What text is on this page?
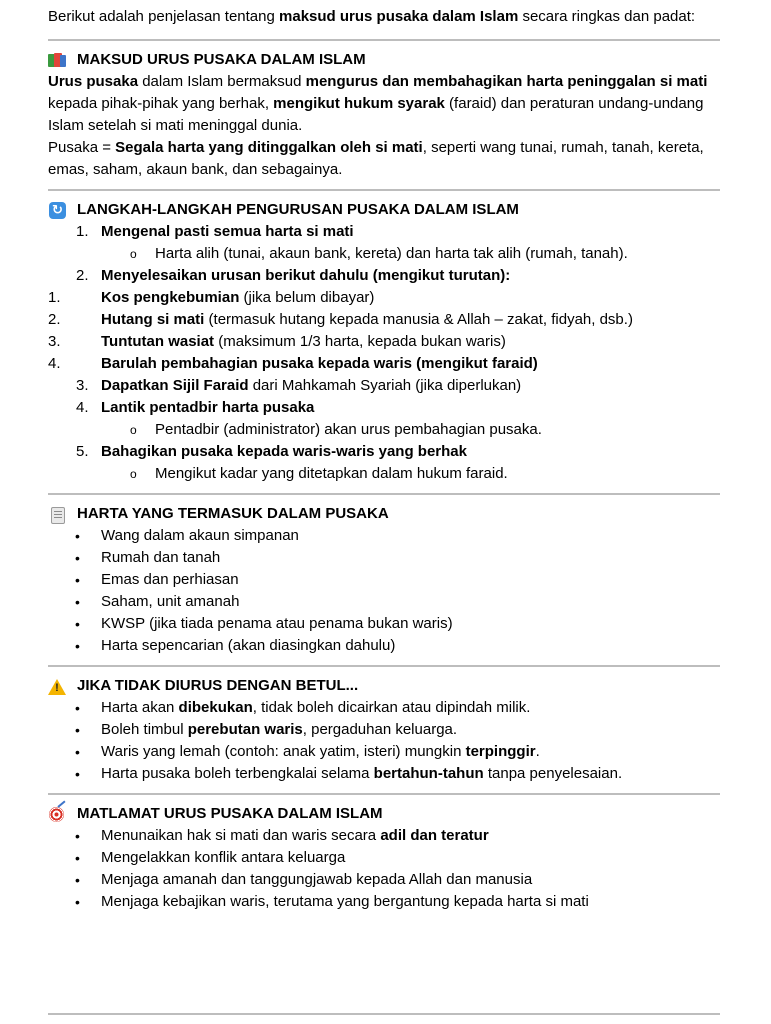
Berikut adalah penjelasan tentang maksud urus pusaka dalam Islam secara ringkas dan padat:

MAKSUD URUS PUSAKA DALAM ISLAM

Urus pusaka dalam Islam bermaksud mengurus dan membahagikan harta peninggalan si mati kepada pihak-pihak yang berhak, mengikut hukum syarak (faraid) dan peraturan undang-undang Islam setelah si mati meninggal dunia.

Pusaka = Segala harta yang ditinggalkan oleh si mati, seperti wang tunai, rumah, tanah, kereta, emas, saham, akaun bank, dan sebagainya.

↻ LANGKAH-LANGKAH PENGURUSAN PUSAKA DALAM ISLAM
1. Mengenal pasti semua harta si mati
o Harta alih (tunai, akaun bank, kereta) dan harta tak alih (rumah, tanah).
2. Menyelesaikan urusan berikut dahulu (mengikut turutan):
1.	Kos pengkebumian (jika belum dibayar)
2.	Hutang si mati (termasuk hutang kepada manusia & Allah – zakat, fidyah, dsb.)
3.	Tuntutan wasiat (maksimum 1/3 harta, kepada bukan waris)
4.	Barulah pembahagian pusaka kepada waris (mengikut faraid)
3. Dapatkan Sijil Faraid dari Mahkamah Syariah (jika diperlukan)
4. Lantik pentadbir harta pusaka
o Pentadbir (administrator) akan urus pembahagian pusaka.
5. Bahagikan pusaka kepada waris-waris yang berhak
o Mengikut kadar yang ditetapkan dalam hukum faraid.
HARTA YANG TERMASUK DALAM PUSAKA
• Wang dalam akaun simpanan
• Rumah dan tanah
• Emas dan perhiasan
• Saham, unit amanah
• KWSP (jika tiada penama atau penama bukan waris)
• Harta sepencarian (akan diasingkan dahulu)
!	JIKA TIDAK DIURUS DENGAN BETUL...
• Harta akan dibekukan, tidak boleh dicairkan atau dipindah milik.
• Boleh timbul perebutan waris, pergaduhan keluarga.
• Waris yang lemah (contoh: anak yatim, isteri) mungkin terpinggir.
• Harta pusaka boleh terbengkalai selama bertahun-tahun tanpa penyelesaian.
MATLAMAT URUS PUSAKA DALAM ISLAM
• Menunaikan hak si mati dan waris secara adil dan teratur
• Mengelakkan konflik antara keluarga
• Menjaga amanah dan tanggungjawab kepada Allah dan manusia
• Menjaga kebajikan waris, terutama yang bergantung kepada harta si mati
